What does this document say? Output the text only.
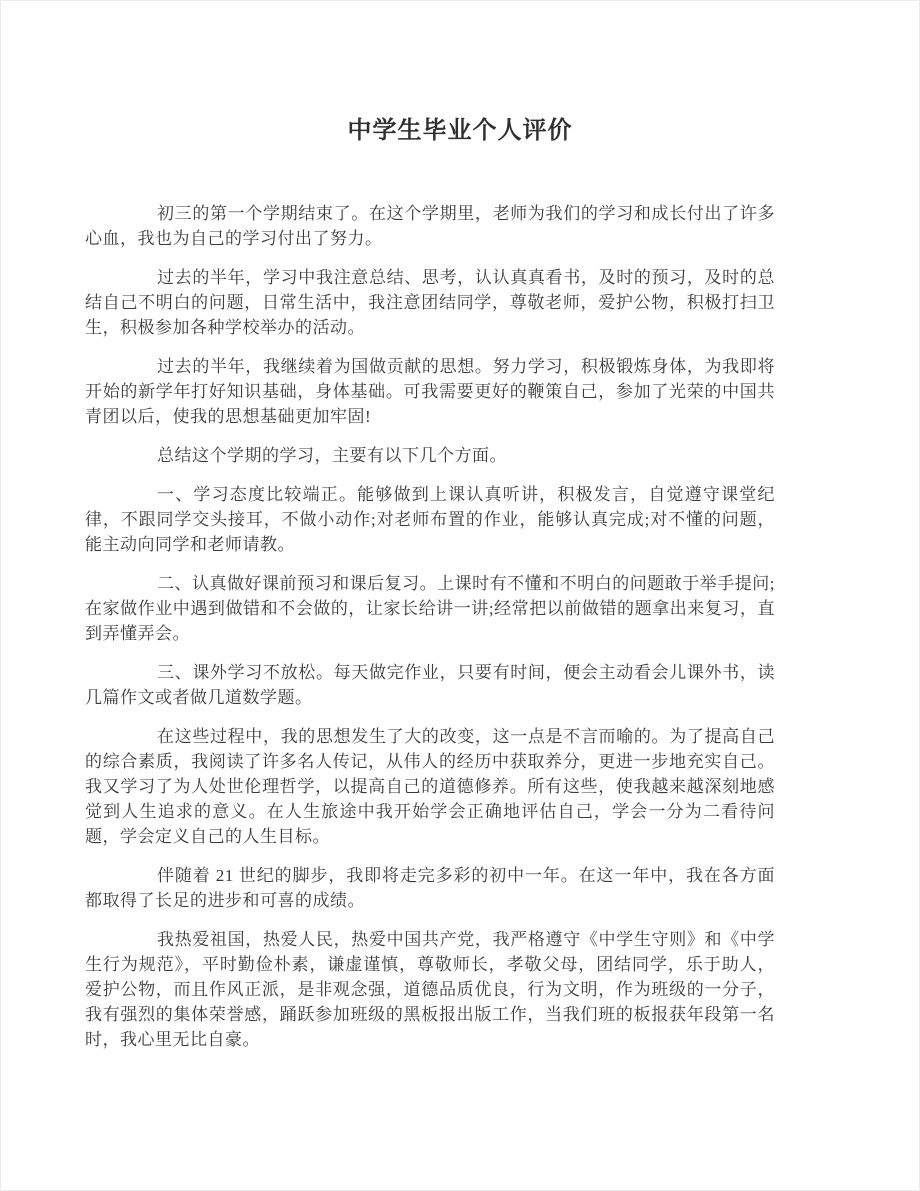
中学生毕业个人评价

初三的第一个学期结束了。在这个学期里，老师为我们的学习和成长付出了许多心血，我也为自己的学习付出了努力。

过去的半年，学习中我注意总结、思考，认认真真看书，及时的预习，及时的总结自己不明白的问题，日常生活中，我注意团结同学，尊敬老师，爱护公物，积极打扫卫生，积极参加各种学校举办的活动。

过去的半年，我继续着为国做贡献的思想。努力学习，积极锻炼身体，为我即将开始的新学年打好知识基础，身体基础。可我需要更好的鞭策自己，参加了光荣的中国共青团以后，使我的思想基础更加牢固!

总结这个学期的学习，主要有以下几个方面。

一、学习态度比较端正。能够做到上课认真听讲，积极发言，自觉遵守课堂纪律，不跟同学交头接耳，不做小动作;对老师布置的作业，能够认真完成;对不懂的问题，能主动向同学和老师请教。

二、认真做好课前预习和课后复习。上课时有不懂和不明白的问题敢于举手提问;在家做作业中遇到做错和不会做的，让家长给讲一讲;经常把以前做错的题拿出来复习，直到弄懂弄会。

三、课外学习不放松。每天做完作业，只要有时间，便会主动看会儿课外书，读几篇作文或者做几道数学题。

在这些过程中，我的思想发生了大的改变，这一点是不言而喻的。为了提高自己的综合素质，我阅读了许多名人传记，从伟人的经历中获取养分，更进一步地充实自己。我又学习了为人处世伦理哲学，以提高自己的道德修养。所有这些，使我越来越深刻地感觉到人生追求的意义。在人生旅途中我开始学会正确地评估自己，学会一分为二看待问题，学会定义自己的人生目标。

伴随着 21 世纪的脚步，我即将走完多彩的初中一年。在这一年中，我在各方面都取得了长足的进步和可喜的成绩。

我热爱祖国，热爱人民，热爱中国共产党，我严格遵守《中学生守则》和《中学生行为规范》，平时勤俭朴素，谦虚谨慎，尊敬师长，孝敬父母，团结同学，乐于助人，爱护公物，而且作风正派，是非观念强，道德品质优良，行为文明，作为班级的一分子，我有强烈的集体荣誉感，踊跃参加班级的黑板报出版工作，当我们班的板报获年段第一名时，我心里无比自豪。
